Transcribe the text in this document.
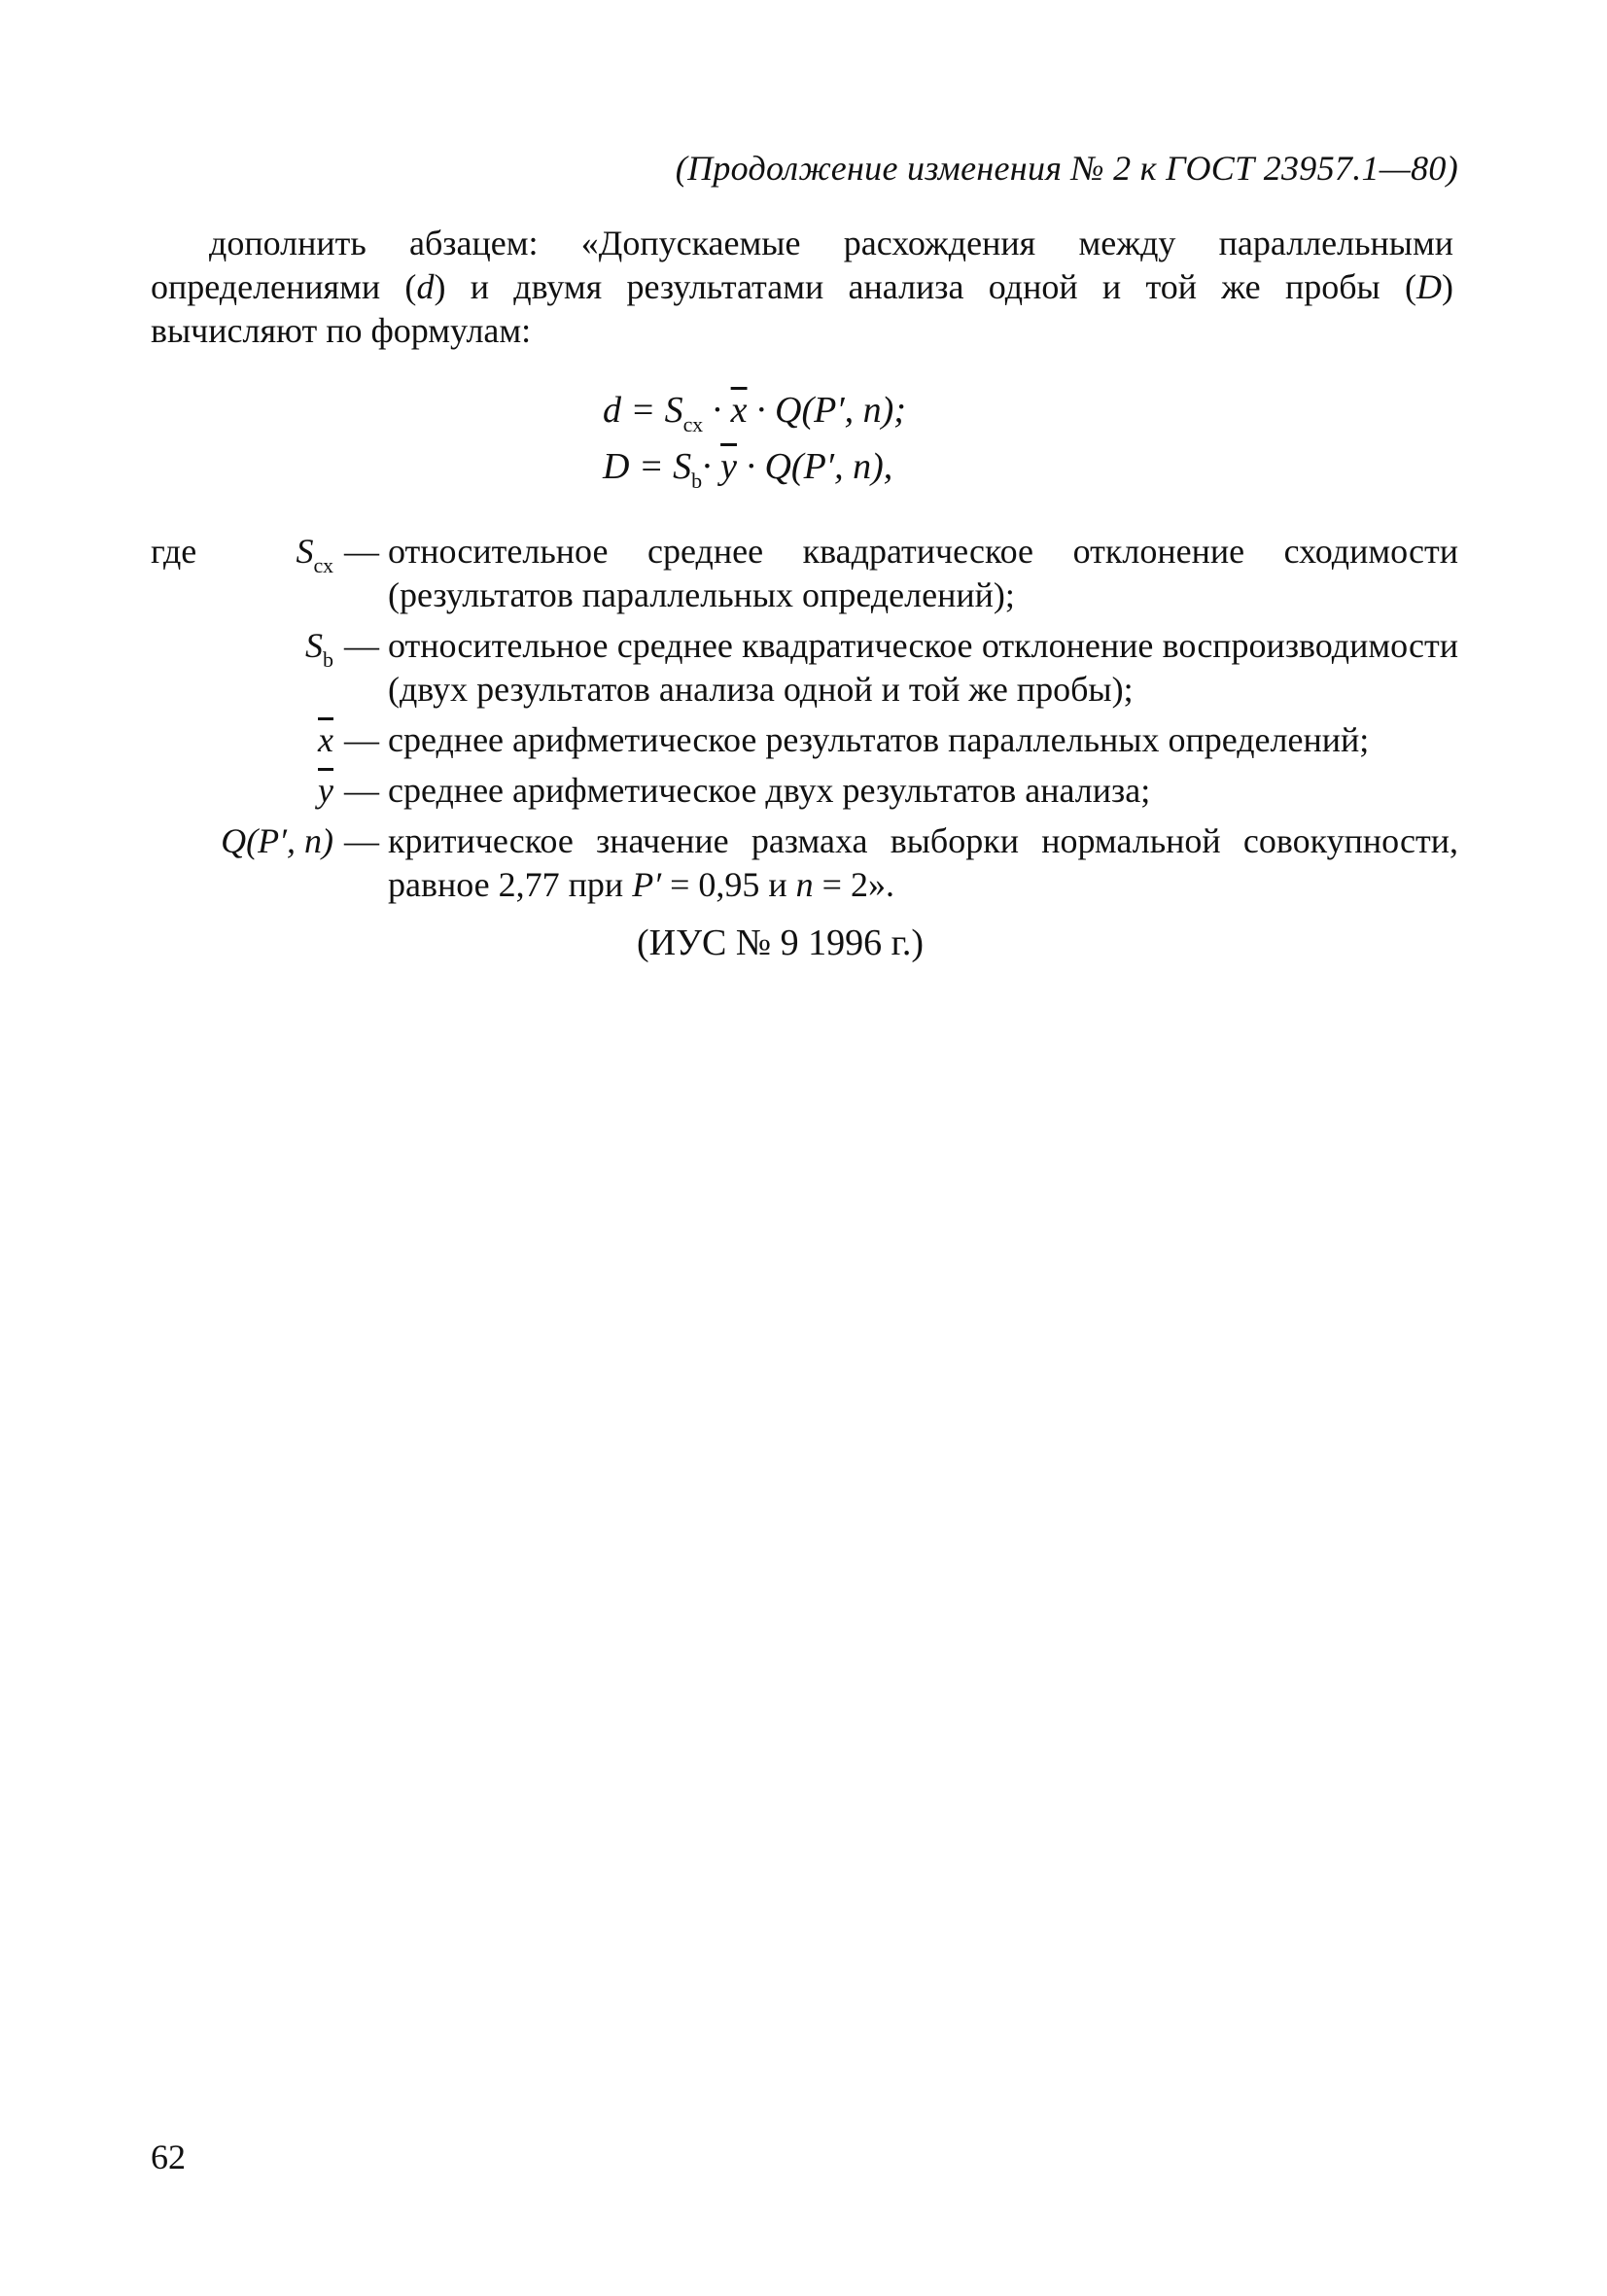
(Продолжение изменения № 2 к ГОСТ 23957.1—80)
дополнить абзацем: «Допускаемые расхождения между параллельными определениями (d) и двумя результатами анализа одной и той же пробы (D) вычисляют по формулам:
$d = S_{сх} \cdot \overline{x} \cdot Q(P'$, n);
$D = S_b\cdot \overline{y} \cdot Q(P'$, n),
где	$S_{сх}$ — относительное среднее квадратическое отклонение сходимости (результатов параллельных определений);
$S_b$ — относительное среднее квадратическое отклонение воспроизводимости (двух результатов анализа одной и той же пробы);
$\overline{x}$ — среднее арифметическое результатов параллельных определений;
$\overline{y}$ — среднее арифметическое двух результатов анализа;
Q(P′, n) — критическое значение размаха выборки нормальной совокупности, равное 2,77 при P′ = 0,95 и n = 2».
(ИУС № 9 1996 г.)
62
